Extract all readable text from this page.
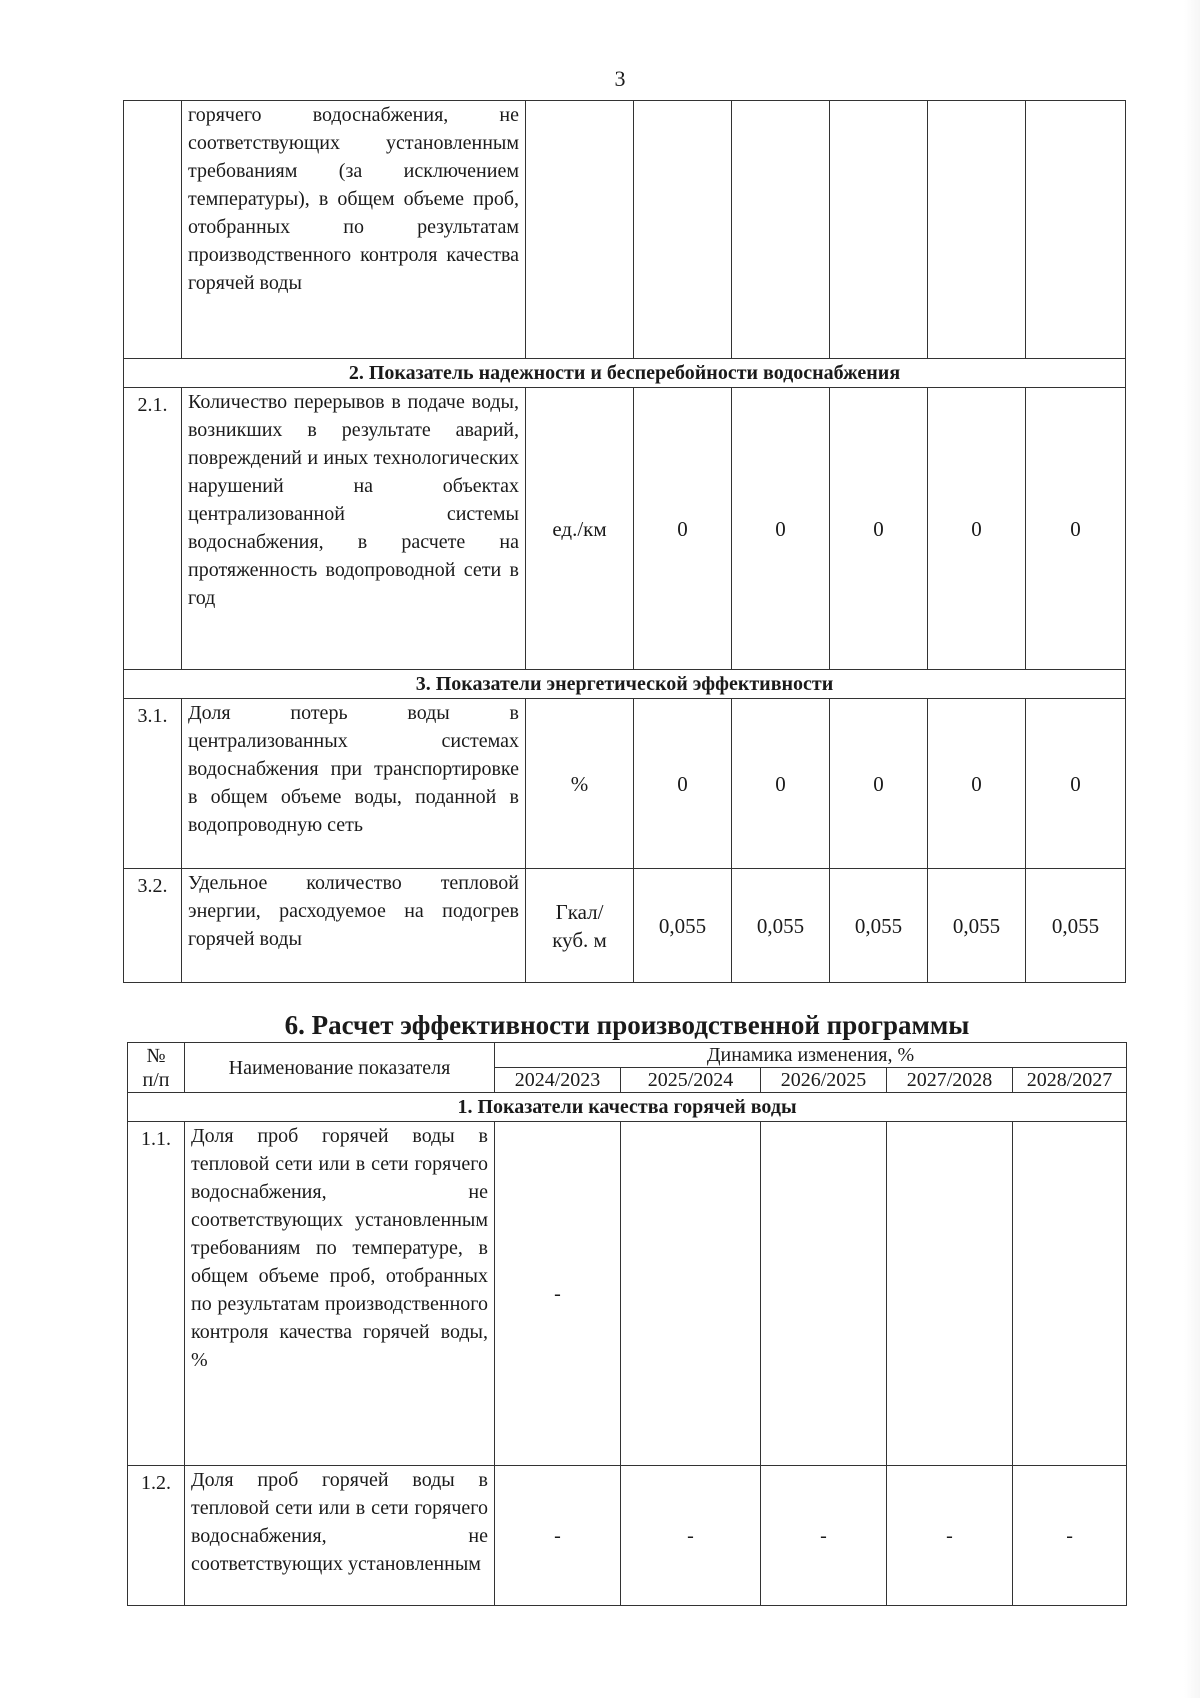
3
	горячего водоснабжения, не соответствующих установленным требованиям (за исключением температуры), в общем объеме проб, отобранных по результатам производственного контроля качества горячей воды						
2. Показатель надежности и бесперебойности водоснабжения							
2.1.	Количество перерывов в подаче воды, возникших в результате аварий, повреждений и иных технологических нарушений на объектах централизованной системы водоснабжения, в расчете на протяженность водопроводной сети в год	ед./км	0	0	0	0	0
3. Показатели энергетической эффективности							
3.1.	Доля потерь воды в централизованных системах водоснабжения при транспортировке в общем объеме воды, поданной в водопроводную сеть	%	0	0	0	0	0
3.2.	Удельное количество тепловой энергии, расходуемое на подогрев горячей воды	Гкал/
куб. м	0,055	0,055	0,055	0,055	0,055
6. Расчет эффективности производственной программы
№
п/п	Наименование показателя	Динамика изменения, %				
		2024/2023	2025/2024	2026/2025	2027/2028	2028/2027
1. Показатели качества горячей воды						
1.1.	Доля проб горячей воды в тепловой сети или в сети горячего водоснабжения, не соответствующих установленным требованиям по температуре, в общем объеме проб, отобранных по результатам производственного контроля качества горячей воды, %	-				
1.2.	Доля проб горячей воды в тепловой сети или в сети горячего водоснабжения, не соответствующих установленным	-	-	-	-	-
